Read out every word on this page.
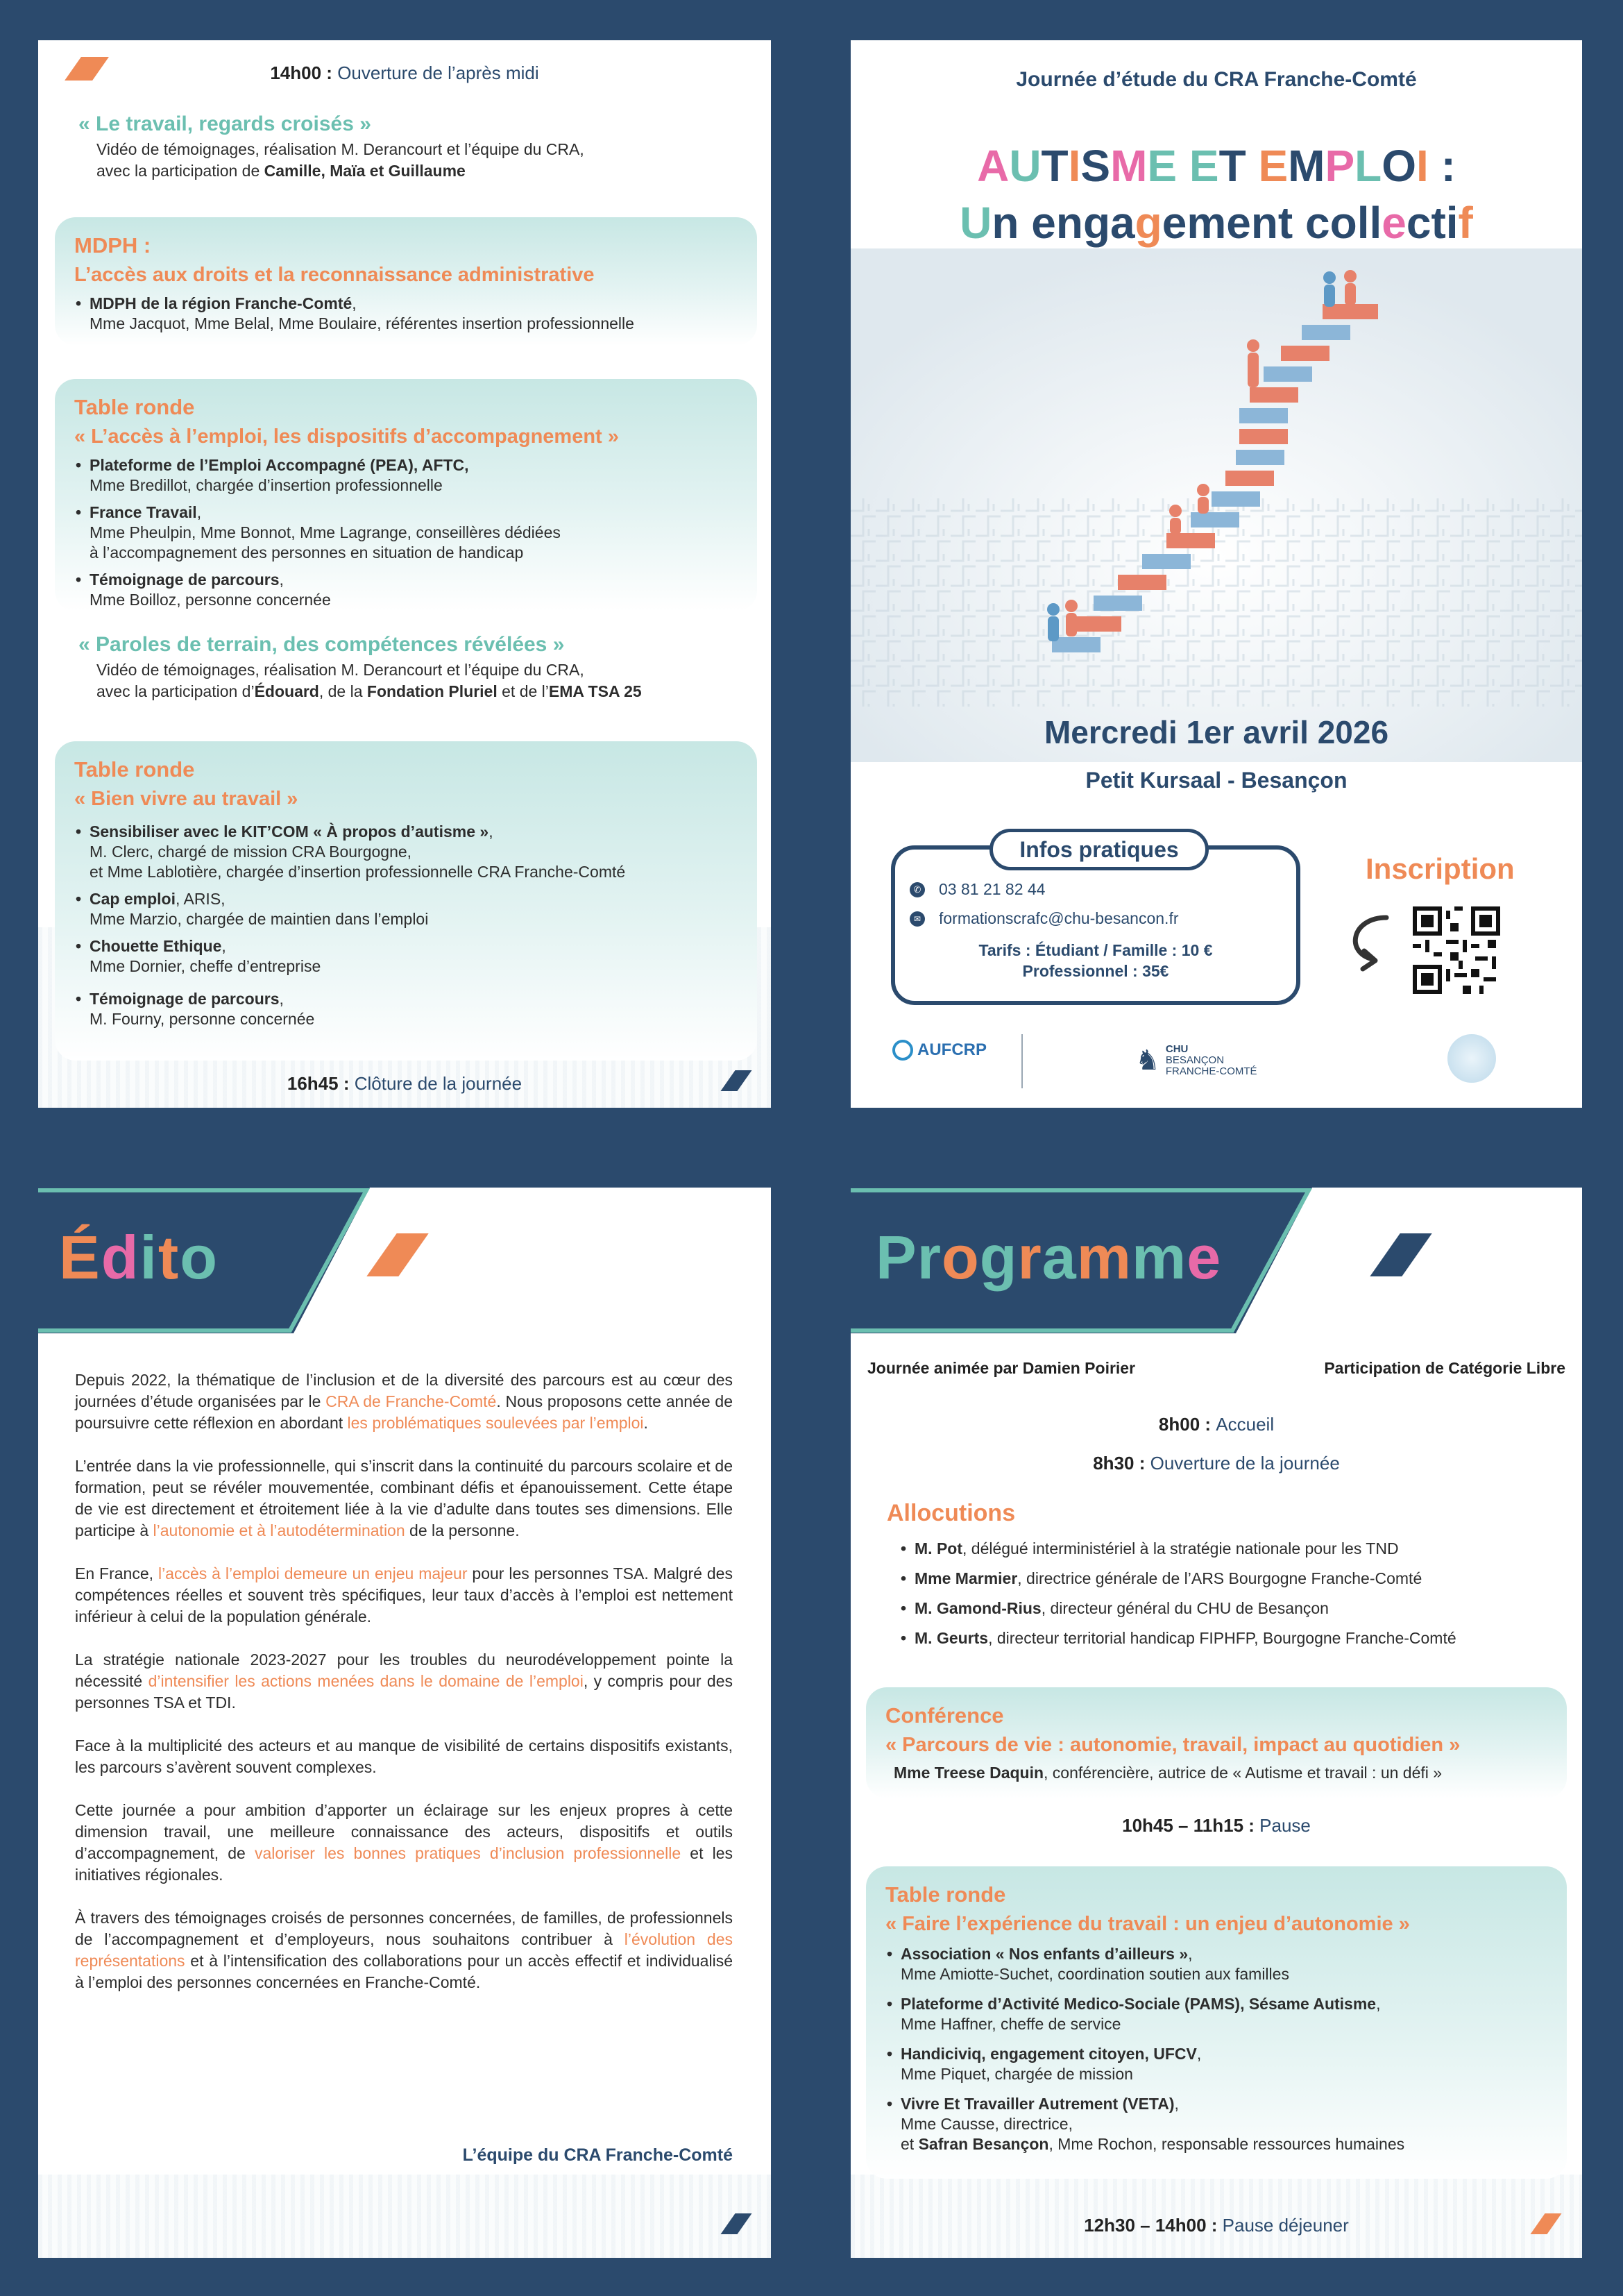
14h00 : Ouverture de l’après midi
« Le travail, regards croisés »

Vidéo de témoignages, réalisation M. Derancourt et l’équipe du CRA,

avec la participation de Camille, Maïa et Guillaume

MDPH :
L’accès aux droits et la reconnaissance administrative
• MDPH de la région Franche-Comté,
Mme Jacquot, Mme Belal, Mme Boulaire, référentes insertion professionnelle
Table ronde
« L’accès à l’emploi, les dispositifs d’accompagnement »
• Plateforme de l’Emploi Accompagné (PEA), AFTC,
Mme Bredillot, chargée d’insertion professionnelle
• France Travail,
Mme Pheulpin, Mme Bonnot, Mme Lagrange, conseillères dédiées
à l’accompagnement des personnes en situation de handicap
• Témoignage de parcours,
Mme Boilloz, personne concernée
« Paroles de terrain, des compétences révélées »

Vidéo de témoignages, réalisation M. Derancourt et l’équipe du CRA,

avec la participation d’Édouard, de la Fondation Pluriel et de l’EMA TSA 25

Table ronde
« Bien vivre au travail »
• Sensibiliser avec le KIT’COM « À propos d’autisme »,
M. Clerc, chargé de mission CRA Bourgogne,
et Mme Lablotière, chargée d’insertion professionnelle CRA Franche-Comté
• Cap emploi, ARIS,
Mme Marzio, chargée de maintien dans l’emploi
• Chouette Ethique,
Mme Dornier, cheffe d’entreprise
• Témoignage de parcours,
M. Fourny, personne concernée
16h45 : Clôture de la journée
Journée d’étude du CRA Franche-Comté
AUTISME ET EMPLOI :
Un engagement collectif
Mercredi 1er avril 2026
Petit Kursaal - Besançon
Infos pratiques
✆ 03 81 21 82 44
✉ formationscrafc@chu-besancon.fr
Tarifs : Étudiant / Famille : 10 €
Professionnel : 35€
Inscription
AUFCRP	♞ CHU
BESANÇON
FRANCHE-COMTÉ
Édito

Depuis 2022, la thématique de l’inclusion et de la diversité des parcours est au cœur des journées d’étude organisées par le CRA de Franche-Comté. Nous proposons cette année de poursuivre cette réflexion en abordant les problématiques soulevées par l’emploi.

L’entrée dans la vie professionnelle, qui s’inscrit dans la continuité du parcours scolaire et de formation, peut se révéler mouvementée, combinant défis et épanouissement. Cette étape de vie est directement et étroitement liée à la vie d’adulte dans toutes ses dimensions. Elle participe à l’autonomie et à l’autodétermination de la personne.

En France, l’accès à l’emploi demeure un enjeu majeur pour les personnes TSA. Malgré des compétences réelles et souvent très spécifiques, leur taux d’accès à l’emploi est nettement inférieur à celui de la population générale.

La stratégie nationale 2023-2027 pour les troubles du neurodéveloppement pointe la nécessité d’intensifier les actions menées dans le domaine de l’emploi, y compris pour des personnes TSA et TDI.

Face à la multiplicité des acteurs et au manque de visibilité de certains dispositifs existants, les parcours s’avèrent souvent complexes.

Cette journée a pour ambition d’apporter un éclairage sur les enjeux propres à cette dimension travail, une meilleure connaissance des acteurs, dispositifs et outils d’accompagnement, de valoriser les bonnes pratiques d’inclusion professionnelle et les initiatives régionales.

À travers des témoignages croisés de personnes concernées, de familles, de professionnels de l’accompagnement et d’employeurs, nous souhaitons contribuer à l’évolution des représentations et à l’intensification des collaborations pour un accès effectif et individualisé à l’emploi des personnes concernées en Franche-Comté.

L’équipe du CRA Franche-Comté
Programme
Journée animée par Damien Poirier	Participation de Catégorie Libre
8h00 : Accueil
8h30 : Ouverture de la journée
Allocutions
• M. Pot, délégué interministériel à la stratégie nationale pour les TND
• Mme Marmier, directrice générale de l’ARS Bourgogne Franche-Comté
• M. Gamond-Rius, directeur général du CHU de Besançon
• M. Geurts, directeur territorial handicap FIPHFP, Bourgogne Franche-Comté
Conférence
« Parcours de vie : autonomie, travail, impact au quotidien »

Mme Treese Daquin, conférencière, autrice de « Autisme et travail : un défi »

10h45 – 11h15 : Pause
Table ronde
« Faire l’expérience du travail : un enjeu d’autonomie »
• Association « Nos enfants d’ailleurs »,
Mme Amiotte-Suchet, coordination soutien aux familles
• Plateforme d’Activité Medico-Sociale (PAMS), Sésame Autisme,
Mme Haffner, cheffe de service
• Handiciviq, engagement citoyen, UFCV,
Mme Piquet, chargée de mission
• Vivre Et Travailler Autrement (VETA),
Mme Causse, directrice,
et Safran Besançon, Mme Rochon, responsable ressources humaines
12h30 – 14h00 : Pause déjeuner
